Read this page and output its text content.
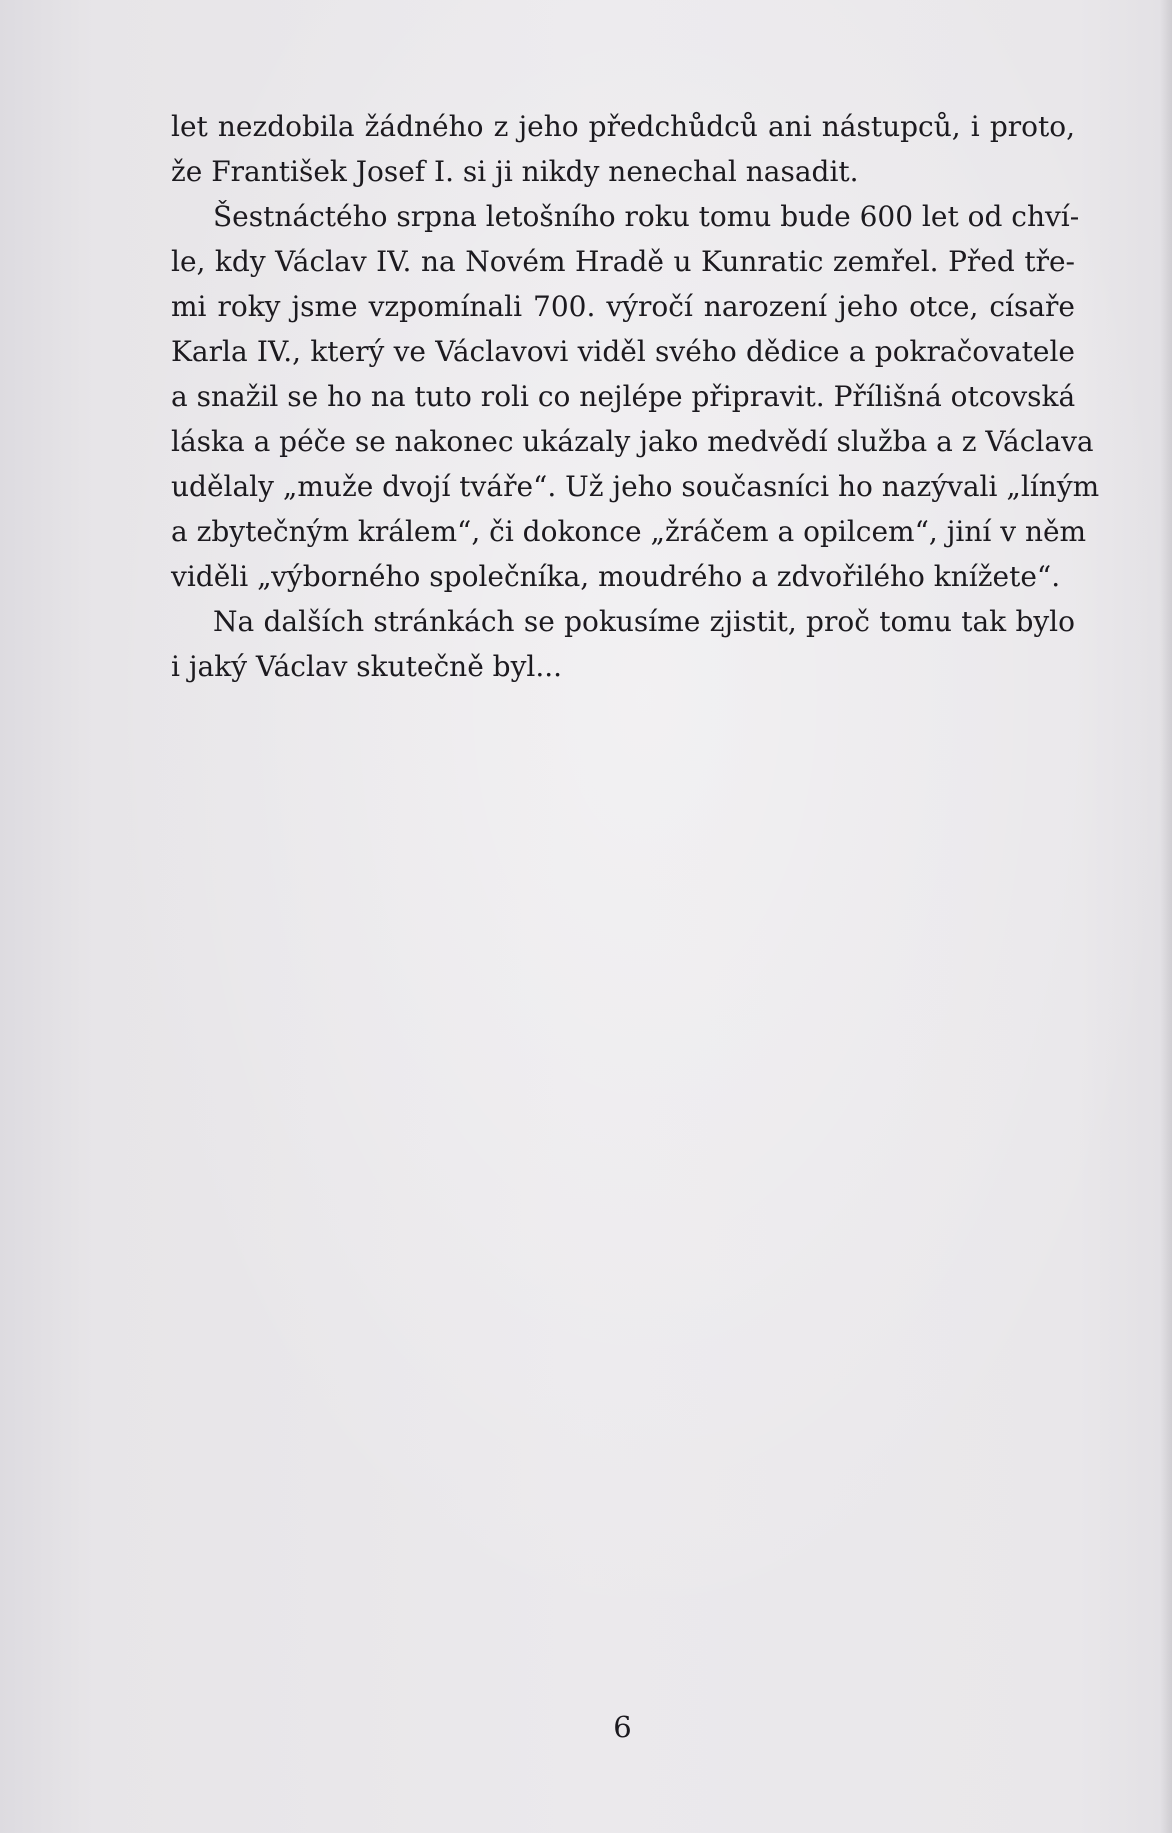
let nezdobila žádného z jeho předchůdců ani nástupců, i proto,
že František Josef I. si ji nikdy nenechal nasadit.
Šestnáctého srpna letošního roku tomu bude 600 let od chví-
le, kdy Václav IV. na Novém Hradě u Kunratic zemřel. Před tře-
mi roky jsme vzpomínali 700. výročí narození jeho otce, císaře
Karla IV., který ve Václavovi viděl svého dědice a pokračovatele
a snažil se ho na tuto roli co nejlépe připravit. Přílišná otcovská
láska a péče se nakonec ukázaly jako medvědí služba a z Václava
udělaly „muže dvojí tváře“. Už jeho současníci ho nazývali „líným
a zbytečným králem“, či dokonce „žráčem a opilcem“, jiní v něm
viděli „výborného společníka, moudrého a zdvořilého knížete“.
Na dalších stránkách se pokusíme zjistit, proč tomu tak bylo
i jaký Václav skutečně byl...
6
